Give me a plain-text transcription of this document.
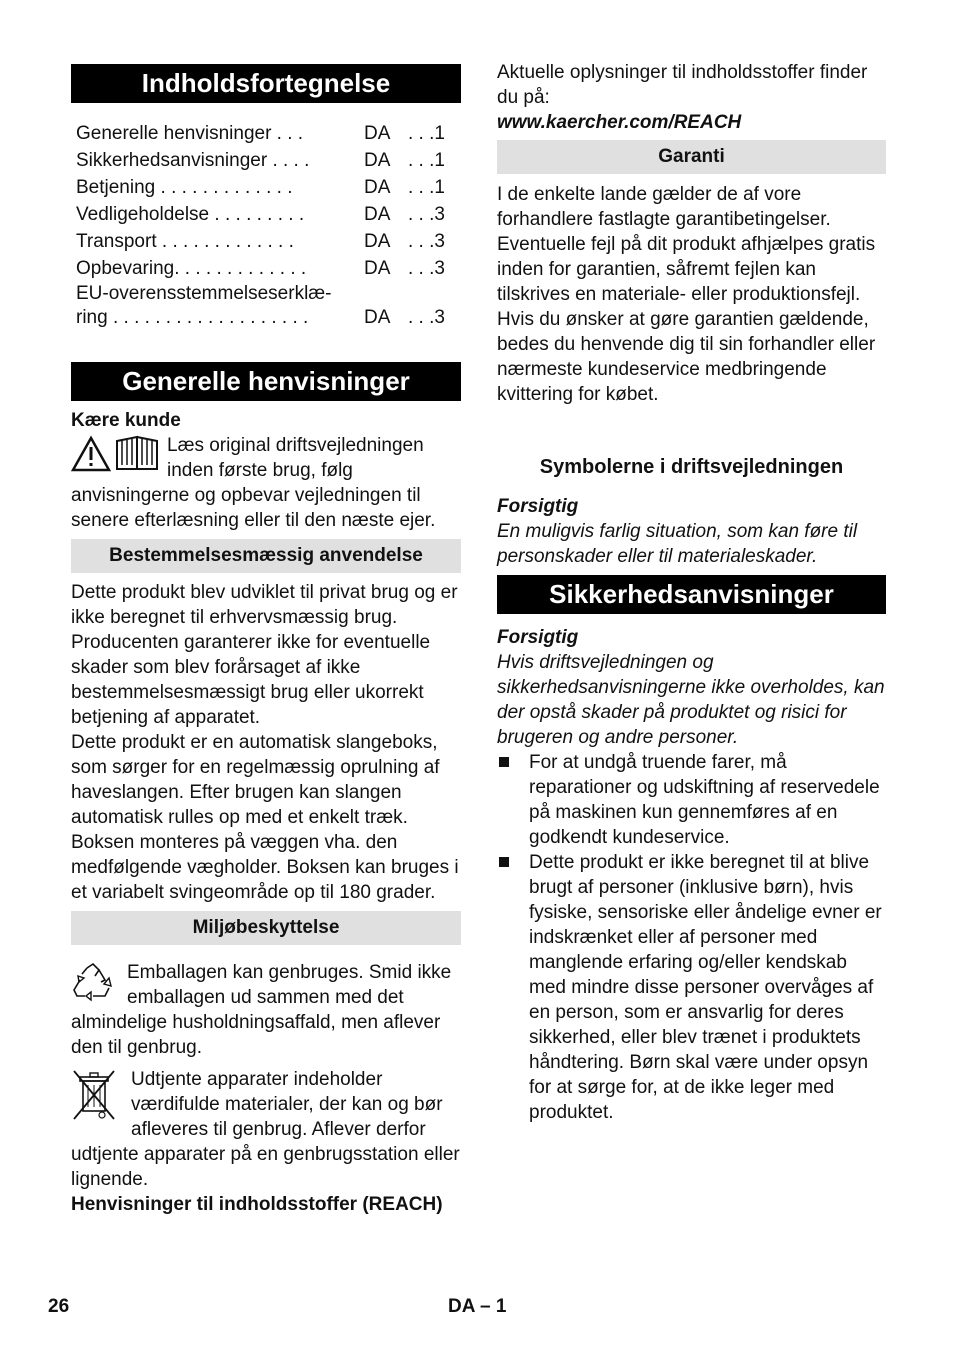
Indholdsfortegnelse
Generelle henvisninger . . .	DA . . .1
Sikkerhedsanvisninger . . . .	DA . . .1
Betjening . . . . . . . . . . . . .	DA . . .1
Vedligeholdelse . . . . . . . . .	DA . . .3
Transport . . . . . . . . . . . . .	DA . . .3
Opbevaring. . . . . . . . . . . . .	DA . . .3
EU-overensstemmelseserklæ-ring . . . . . . . . . . . . . . . . . . .	DA . . .3
Generelle henvisninger
Kære kunde
Læs original driftsvejledningen inden første brug, følg anvisningerne og opbevar vejledningen til senere efterlæsning eller til den næste ejer.
Bestemmelsesmæssig anvendelse
Dette produkt blev udviklet til privat brug og er ikke beregnet til erhvervsmæssig brug. Producenten garanterer ikke for eventuelle skader som blev forårsaget af ikke bestemmelsesmæssigt brug eller ukorrekt betjening af apparatet.
Dette produkt er en automatisk slangeboks, som sørger for en regelmæssig oprulning af haveslangen. Efter brugen kan slangen automatisk rulles op med et enkelt træk. Boksen monteres på væggen vha. den medfølgende vægholder. Boksen kan bruges i et variabelt svingeområde op til 180 grader.
Miljøbeskyttelse
Emballagen kan genbruges. Smid ikke emballagen ud sammen med det almindelige husholdningsaffald, men aflever den til genbrug.
Udtjente apparater indeholder værdifulde materialer, der kan og bør afleveres til genbrug. Aflever derfor udtjente apparater på en genbrugsstation eller lignende.
Henvisninger til indholdsstoffer (REACH)
Aktuelle oplysninger til indholdsstoffer finder du på:
www.kaercher.com/REACH
Garanti
I de enkelte lande gælder de af vore forhandlere fastlagte garantibetingelser. Eventuelle fejl på dit produkt afhjælpes gratis inden for garantien, såfremt fejlen kan tilskrives en materiale- eller produktionsfejl. Hvis du ønsker at gøre garantien gældende, bedes du henvende dig til sin forhandler eller nærmeste kundeservice medbringende kvittering for købet.
Symbolerne i driftsvejledningen
Forsigtig
En muligvis farlig situation, som kan føre til personskader eller til materialeskader.
Sikkerhedsanvisninger
Forsigtig
Hvis driftsvejledningen og sikkerhedsanvisningerne ikke overholdes, kan der opstå skader på produktet og risici for brugeren og andre personer.
For at undgå truende farer, må reparationer og udskiftning af reservedele på maskinen kun gennemføres af en godkendt kundeservice.
Dette produkt er ikke beregnet til at blive brugt af personer (inklusive børn), hvis fysiske, sensoriske eller åndelige evner er indskrænket eller af personer med manglende erfaring og/eller kendskab med mindre disse personer overvåges af en person, som er ansvarlig for deres sikkerhed, eller blev trænet i produktets håndtering. Børn skal være under opsyn for at sørge for, at de ikke leger med produktet.
26	DA – 1
